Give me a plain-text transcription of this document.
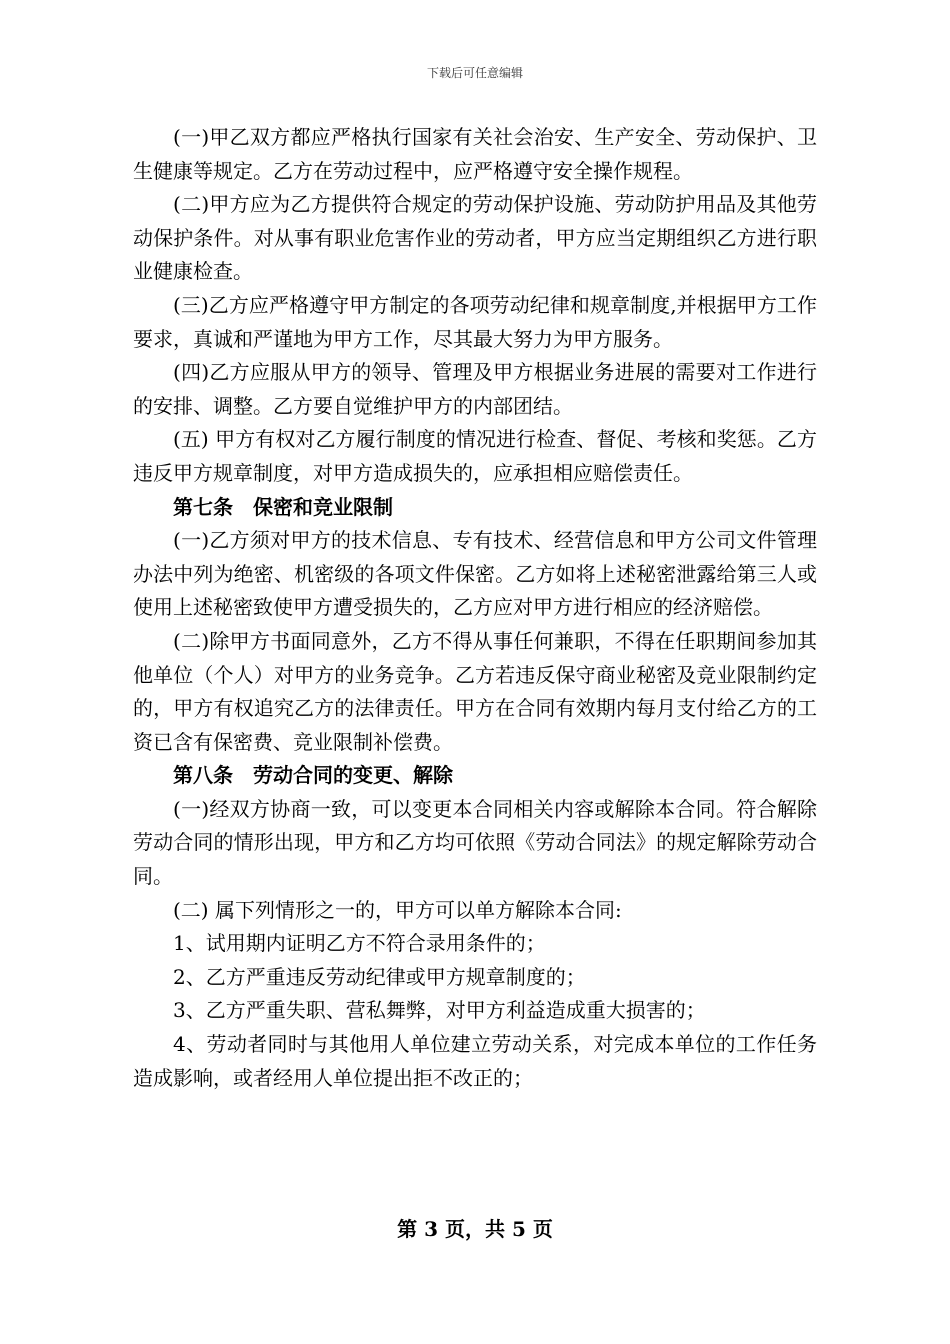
下载后可任意编辑

(一)甲乙双方都应严格执行国家有关社会治安、生产安全、劳动保护、卫生健康等规定。乙方在劳动过程中，应严格遵守安全操作规程。

(二)甲方应为乙方提供符合规定的劳动保护设施、劳动防护用品及其他劳动保护条件。对从事有职业危害作业的劳动者，甲方应当定期组织乙方进行职业健康检查。

(三)乙方应严格遵守甲方制定的各项劳动纪律和规章制度,并根据甲方工作要求，真诚和严谨地为甲方工作，尽其最大努力为甲方服务。

(四)乙方应服从甲方的领导、管理及甲方根据业务进展的需要对工作进行的安排、调整。乙方要自觉维护甲方的内部团结。

(五) 甲方有权对乙方履行制度的情况进行检查、督促、考核和奖惩。乙方违反甲方规章制度，对甲方造成损失的，应承担相应赔偿责任。

第七条　保密和竞业限制

(一)乙方须对甲方的技术信息、专有技术、经营信息和甲方公司文件管理办法中列为绝密、机密级的各项文件保密。乙方如将上述秘密泄露给第三人或使用上述秘密致使甲方遭受损失的，乙方应对甲方进行相应的经济赔偿。

(二)除甲方书面同意外，乙方不得从事任何兼职，不得在任职期间参加其他单位（个人）对甲方的业务竞争。乙方若违反保守商业秘密及竞业限制约定的，甲方有权追究乙方的法律责任。甲方在合同有效期内每月支付给乙方的工资已含有保密费、竞业限制补偿费。

第八条　劳动合同的变更、解除

(一)经双方协商一致，可以变更本合同相关内容或解除本合同。符合解除劳动合同的情形出现，甲方和乙方均可依照《劳动合同法》的规定解除劳动合同。

(二) 属下列情形之一的，甲方可以单方解除本合同:

1、试用期内证明乙方不符合录用条件的；

2、乙方严重违反劳动纪律或甲方规章制度的；

3、乙方严重失职、营私舞弊，对甲方利益造成重大损害的；

4、劳动者同时与其他用人单位建立劳动关系，对完成本单位的工作任务造成影响，或者经用人单位提出拒不改正的；

第 3 页，共 5 页
